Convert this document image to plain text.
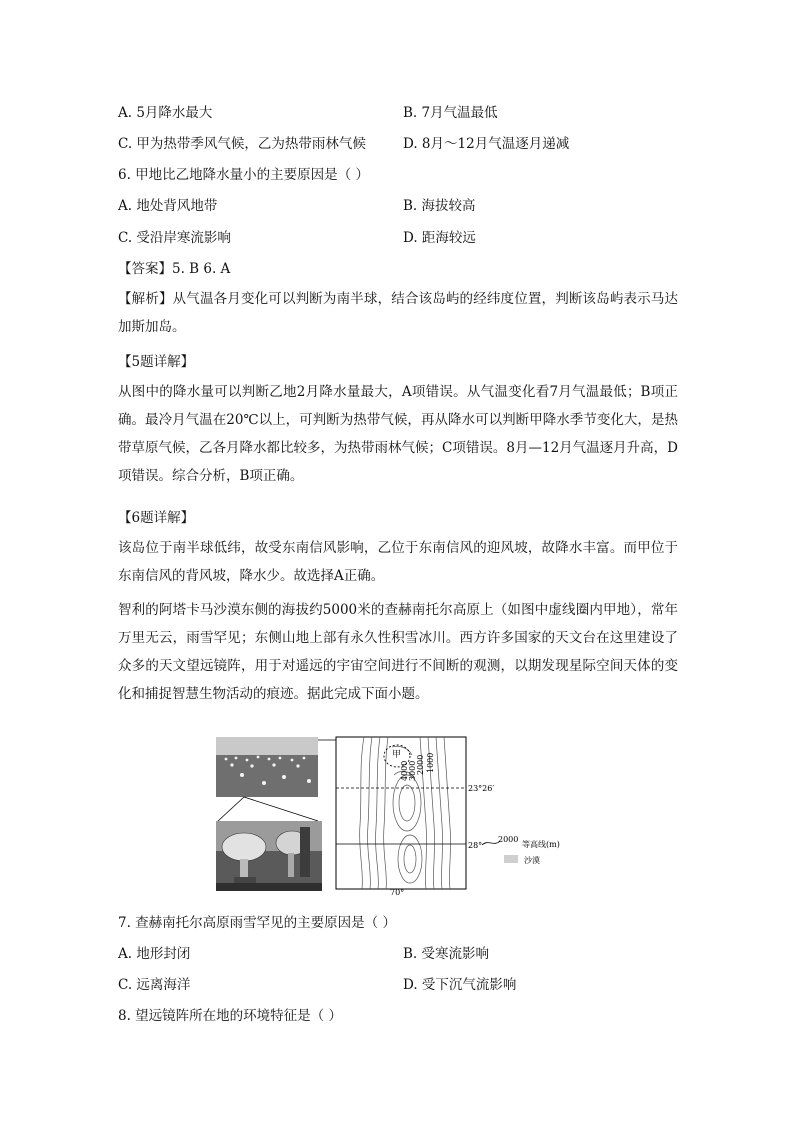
A. 5月降水最大	B. 7月气温最低
C. 甲为热带季风气候，乙为热带雨林气候	D. 8月～12月气温逐月递减
6. 甲地比乙地降水量小的主要原因是（ ）
A. 地处背风地带	B. 海拔较高
C. 受沿岸寒流影响	D. 距海较远
【答案】5. B 6. A
【解析】从气温各月变化可以判断为南半球，结合该岛屿的经纬度位置，判断该岛屿表示马达加斯加岛。
【5题详解】
从图中的降水量可以判断乙地2月降水量最大，A项错误。从气温变化看7月气温最低；B项正确。最冷月气温在20℃以上，可判断为热带气候，再从降水可以判断甲降水季节变化大，是热带草原气候，乙各月降水都比较多，为热带雨林气候；C项错误。8月—12月气温逐月升高，D项错误。综合分析，B项正确。
【6题详解】
该岛位于南半球低纬，故受东南信风影响，乙位于东南信风的迎风坡，故降水丰富。而甲位于东南信风的背风坡，降水少。故选择A正确。
智利的阿塔卡马沙漠东侧的海拔约5000米的查赫南托尔高原上（如图中虚线圈内甲地），常年万里无云，雨雪罕见；东侧山地上部有永久性积雪冰川。西方许多国家的天文台在这里建设了众多的天文望远镜阵，用于对遥远的宇宙空间进行不间断的观测，以期发现星际空间天体的变化和捕捉智慧生物活动的痕迹。据此完成下面小题。
甲
4000 3000 2000 1000
23°26′
28°
70°
2000
等高线(m)
沙漠
7. 查赫南托尔高原雨雪罕见的主要原因是（ ）
A. 地形封闭	B. 受寒流影响
C. 远离海洋	D. 受下沉气流影响
8. 望远镜阵所在地的环境特征是（ ）
